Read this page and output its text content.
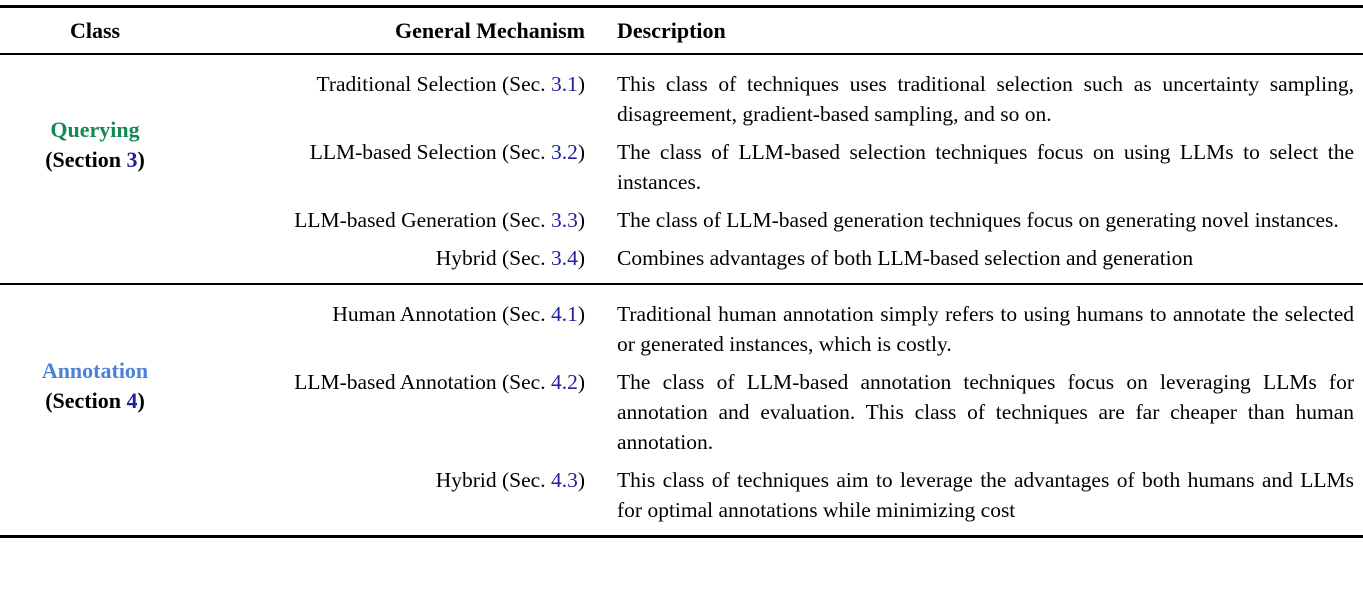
Class	General Mechanism	Description
Querying
(Section 3)
Traditional Selection (Sec. 3.1)	This class of techniques uses traditional selection such as uncertainty sampling, disagreement, gradient-based sampling, and so on.
LLM-based Selection (Sec. 3.2)	The class of LLM-based selection techniques focus on using LLMs to select the instances.
LLM-based Generation (Sec. 3.3)	The class of LLM-based generation techniques focus on generating novel instances.
Hybrid (Sec. 3.4)	Combines advantages of both LLM-based selection and generation
Annotation
(Section 4)
Human Annotation (Sec. 4.1)	Traditional human annotation simply refers to using humans to annotate the selected or generated instances, which is costly.
LLM-based Annotation (Sec. 4.2)	The class of LLM-based annotation techniques focus on leveraging LLMs for annotation and evaluation. This class of techniques are far cheaper than human annotation.
Hybrid (Sec. 4.3)	This class of techniques aim to leverage the advantages of both humans and LLMs for optimal annotations while minimizing cost
